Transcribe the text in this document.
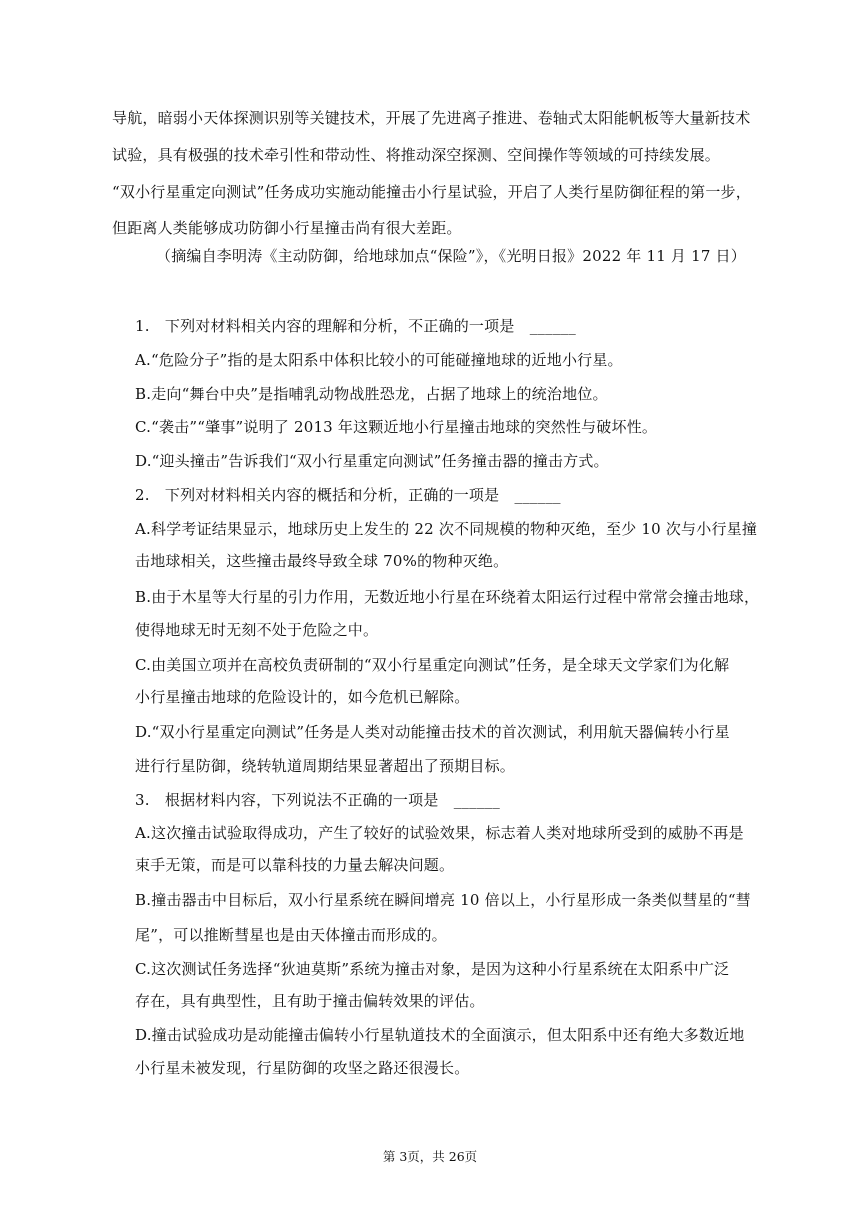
导航，暗弱小天体探测识别等关键技术，开展了先进离子推进、卷轴式太阳能帆板等大量新技术
试验，具有极强的技术牵引性和带动性、将推动深空探测、空间操作等领域的可持续发展。
“双小行星重定向测试”任务成功实施动能撞击小行星试验，开启了人类行星防御征程的第一步，
但距离人类能够成功防御小行星撞击尚有很大差距。
（摘编自李明涛《主动防御，给地球加点“保险”》，《光明日报》2022 年 11 月 17 日）
1.　下列对材料相关内容的理解和分析，不正确的一项是　______
A.“危险分子”指的是太阳系中体积比较小的可能碰撞地球的近地小行星。
B.走向“舞台中央”是指哺乳动物战胜恐龙，占据了地球上的统治地位。
C.“袭击”“肇事”说明了 2013 年这颗近地小行星撞击地球的突然性与破坏性。
D.“迎头撞击”告诉我们“双小行星重定向测试”任务撞击器的撞击方式。
2.　下列对材料相关内容的概括和分析，正确的一项是　______
A.科学考证结果显示，地球历史上发生的 22 次不同规模的物种灭绝，至少 10 次与小行星撞
击地球相关，这些撞击最终导致全球 70%的物种灭绝。
B.由于木星等大行星的引力作用，无数近地小行星在环绕着太阳运行过程中常常会撞击地球，
使得地球无时无刻不处于危险之中。
C.由美国立项并在高校负责研制的“双小行星重定向测试”任务，是全球天文学家们为化解
小行星撞击地球的危险设计的，如今危机已解除。
D.“双小行星重定向测试”任务是人类对动能撞击技术的首次测试，利用航天器偏转小行星
进行行星防御，绕转轨道周期结果显著超出了预期目标。
3.　根据材料内容，下列说法不正确的一项是　______
A.这次撞击试验取得成功，产生了较好的试验效果，标志着人类对地球所受到的威胁不再是
束手无策，而是可以靠科技的力量去解决问题。
B.撞击器击中目标后，双小行星系统在瞬间增亮 10 倍以上，小行星形成一条类似彗星的“彗
尾”，可以推断彗星也是由天体撞击而形成的。
C.这次测试任务选择“狄迪莫斯”系统为撞击对象，是因为这种小行星系统在太阳系中广泛
存在，具有典型性，且有助于撞击偏转效果的评估。
D.撞击试验成功是动能撞击偏转小行星轨道技术的全面演示，但太阳系中还有绝大多数近地
小行星未被发现，行星防御的攻坚之路还很漫长。
第 3页，共 26页
